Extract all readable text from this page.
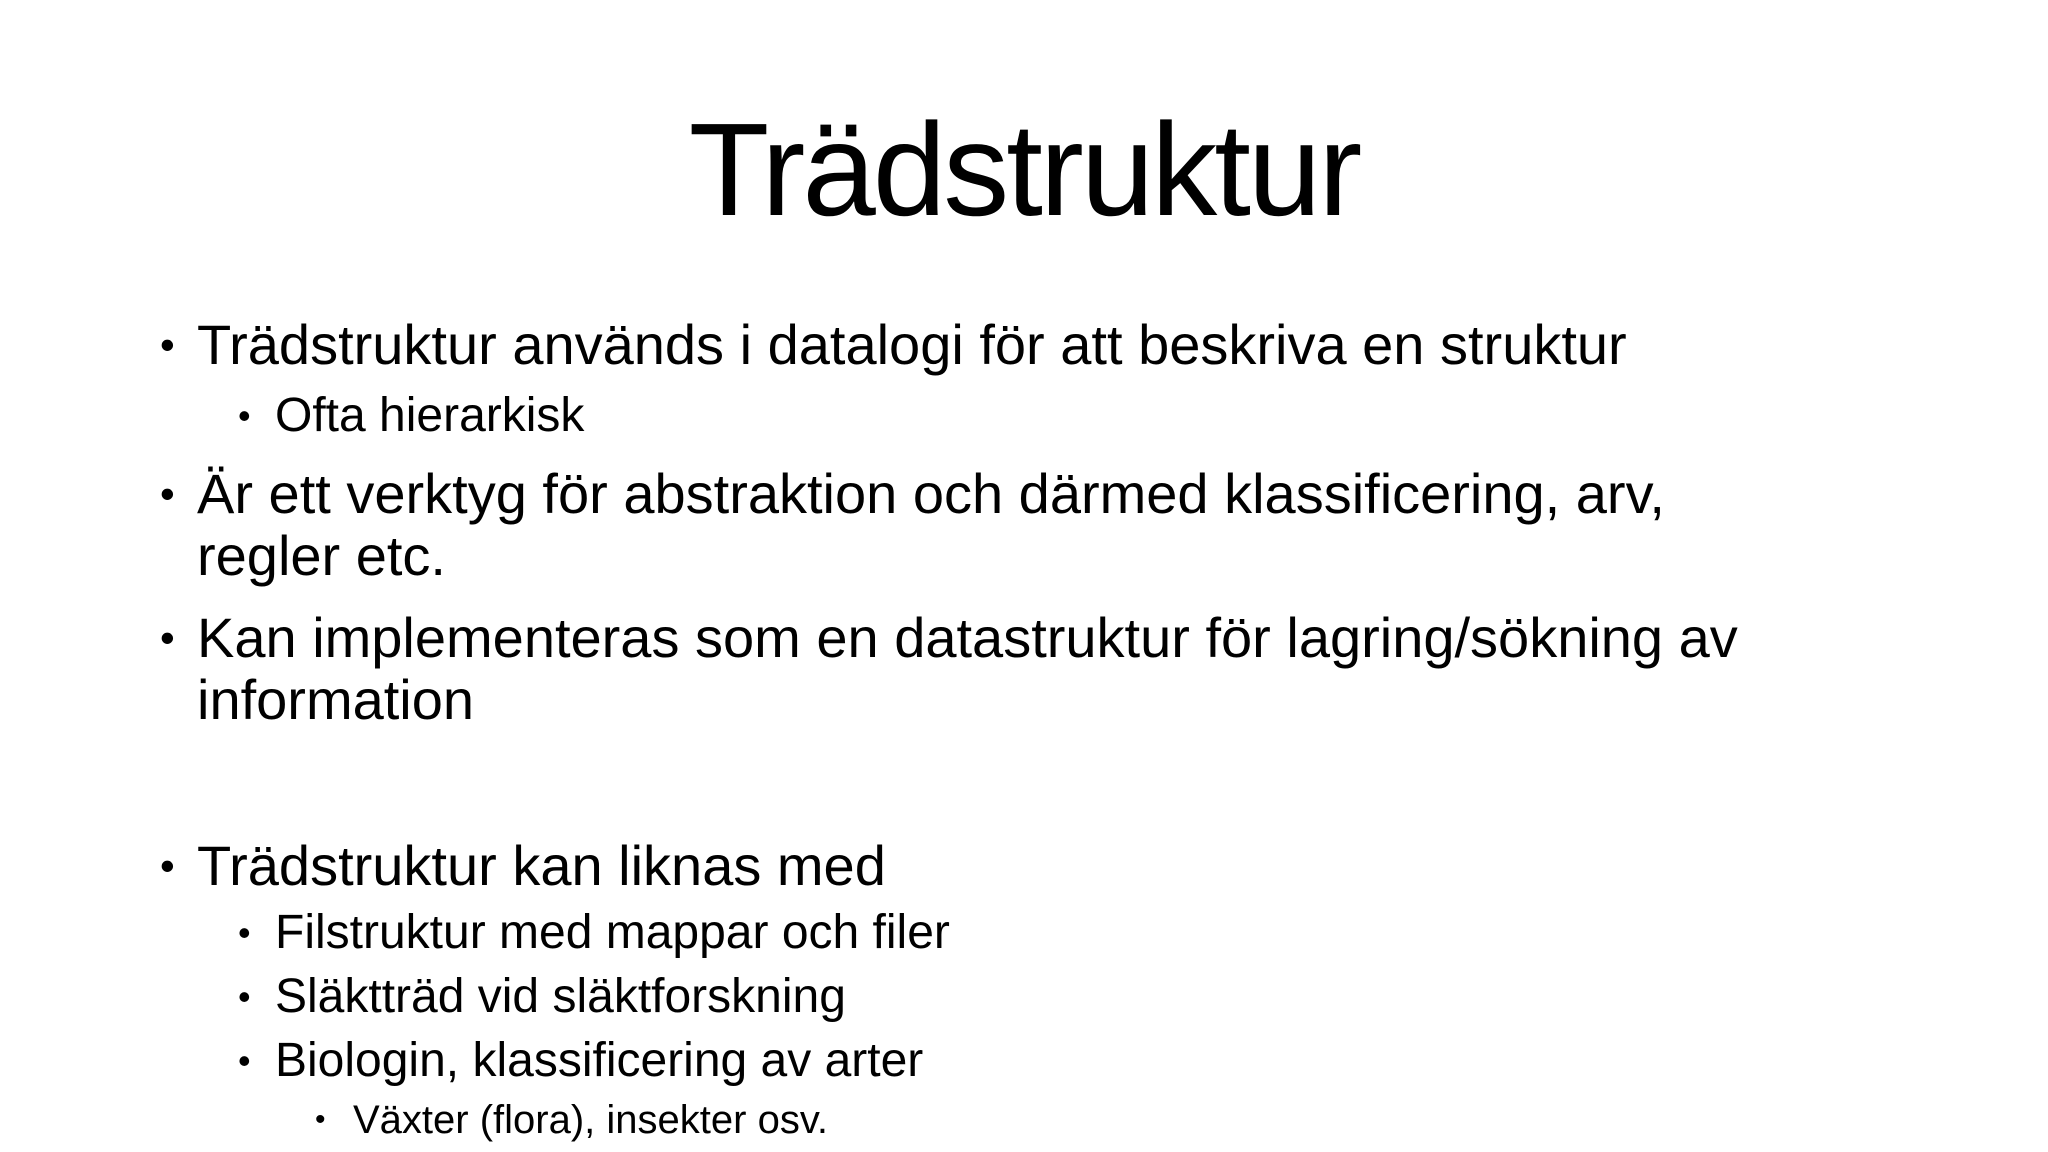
Trädstruktur
• Trädstruktur används i datalogi för att beskriva en struktur
• Ofta hierarkisk
• Är ett verktyg för abstraktion och därmed klassificering, arv,
regler etc.
• Kan implementeras som en datastruktur för lagring/sökning av
information
• Trädstruktur kan liknas med
• Filstruktur med mappar och filer
• Släktträd vid släktforskning
• Biologin, klassificering av arter
• Växter (flora), insekter osv.
